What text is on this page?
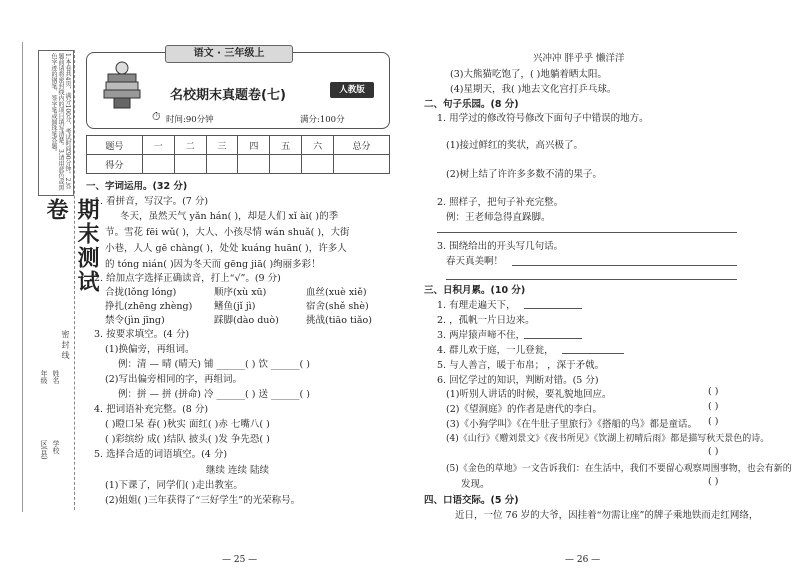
1.本卷共4页，满分100分，考试时间90分钟。2.答题前请将密封线内的项目填写清楚。3.请用蓝色或黑色字迹的钢笔、签字笔或圆珠笔答题。
期末测试卷
密 封 线
年级 姓名
区(县) 学校
语文 · 三年级上
名校期末真题卷(七)	人教版
⏱ 时间:90分钟	满分:100分
题号	一	二	三	四	五	六	总分
得分							
一、字词运用。(32 分)
1. 看拼音，写汉字。(7 分)
冬天，虽然天气 yǎn hán( )，却是人们 xǐ ài( )的季
节。雪花 fēi wǔ( )，大人、小孩尽情 wán shuǎ( )，大街
小巷，人人 gē chàng( )，处处 kuáng huān( )，许多人
的 tóng nián( )因为冬天而 gēng jiā( )绚丽多彩！
2. 给加点字选择正确读音，打上“√”。(9 分)
合拢(lǒng lóng)	顺序(xù xū)	血丝(xuè xiě)
挣扎(zhēng zhèng) 鳍鱼(jǐ jì)	宿舍(shě shè)
禁令(jìn jīng)	踩脚(dào duò)	挑战(tiāo tiǎo)
3. 按要求填空。(4 分)
(1)换偏旁，再组词。
例：清 — 晴 (晴天) 铺 ______( ) 饮 ______( )
(2)写出偏旁相同的字，再组词。
例：拼 — 拼 (拼命) 冷 ______( ) 送 ______( )
4. 把词语补充完整。(8 分)
( )瞪口呆 春( )秋实 面红( )赤 七嘴八( )
( )彩缤纷 成( )结队 披头( )发 争先恐( )
5. 选择合适的词语填空。(4 分)
继续 连续 陆续
(1)下课了，同学们( )走出教室。
(2)姐姐( )三年获得了“三好学生”的光荣称号。
— 25 —
兴冲冲 胖乎乎 懒洋洋
(3)大熊猫吃饱了，( )地躺着晒太阳。
(4)星期天，我( )地去文化宫打乒乓球。
二、句子乐园。(8 分)
1. 用学过的修改符号修改下面句子中错误的地方。
(1)接过鲜红的奖状，高兴极了。
(2)树上结了许许多多数不清的果子。
2. 照样子，把句子补充完整。
例：王老师急得直跺脚。
3. 围绕给出的开头写几句话。
春天真美啊！
三、日积月累。(10 分)
1. 有理走遍天下，
2. ，孤帆一片日边来。
3. 两岸猿声啼不住，
4. 群儿欢于庭，一儿登瓮，
5. 与人善言，暖于布帛； ，深于矛戟。
6. 回忆学过的知识，判断对错。(5 分)
(1)听别人讲话的时候，要礼貌地回应。	( )
(2)《望洞庭》的作者是唐代的李白。	( )
(3)《小狗学叫》《在牛肚子里旅行》《搭船的鸟》都是童话。 ( )
(4)《山行》《赠刘景文》《夜书所见》《饮湖上初晴后雨》都是描写秋天景色的诗。
( )
(5)《金色的草地》一文告诉我们：在生活中，我们不要留心观察周围事物，也会有新的
发现。	( )
四、口语交际。(5 分)
近日，一位 76 岁的大爷，因挂着“勿需让座”的牌子乘地铁而走红网络，
— 26 —
